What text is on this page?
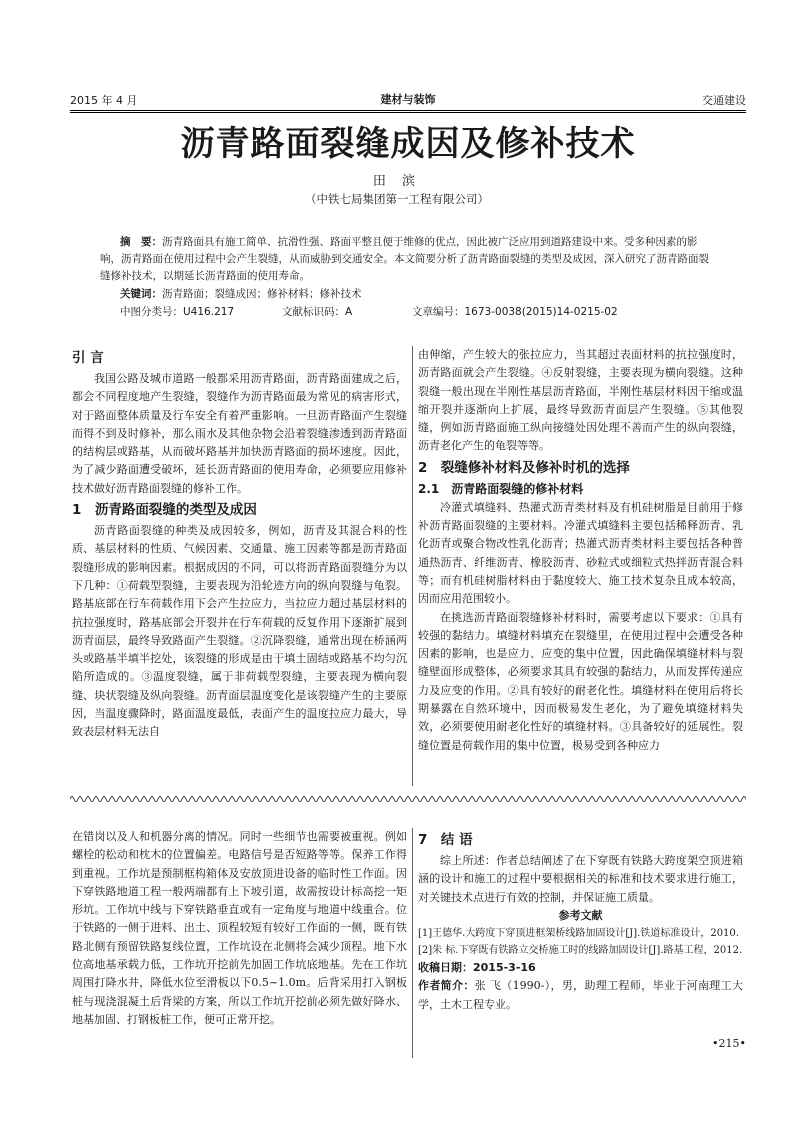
2015 年 4 月	建材与装饰	交通建设
沥青路面裂缝成因及修补技术
田 滨
（中铁七局集团第一工程有限公司）
摘　要：沥青路面具有施工简单、抗滑性强、路面平整且便于维修的优点，因此被广泛应用到道路建设中来。受多种因素的影响，沥青路面在使用过程中会产生裂缝，从而威胁到交通安全。本文简要分析了沥青路面裂缝的类型及成因，深入研究了沥青路面裂缝修补技术，以期延长沥青路面的使用寿命。
关键词：沥青路面；裂缝成因；修补材料；修补技术
中图分类号：U416.217	文献标识码：A	文章编号：1673-0038(2015)14-0215-02
引 言

我国公路及城市道路一般都采用沥青路面，沥青路面建成之后，都会不同程度地产生裂缝，裂缝作为沥青路面最为常见的病害形式，对于路面整体质量及行车安全有着严重影响。一旦沥青路面产生裂缝而得不到及时修补，那么雨水及其他杂物会沿着裂缝渗透到沥青路面的结构层或路基，从而破坏路基并加快沥青路面的损坏速度。因此，为了减少路面遭受破坏，延长沥青路面的使用寿命，必须要应用修补技术做好沥青路面裂缝的修补工作。

1　沥青路面裂缝的类型及成因

沥青路面裂缝的种类及成因较多，例如，沥青及其混合料的性质、基层材料的性质、气候因素、交通量、施工因素等都是沥青路面裂缝形成的影响因素。根据成因的不同，可以将沥青路面裂缝分为以下几种：①荷载型裂缝，主要表现为沿轮迹方向的纵向裂缝与龟裂。路基底部在行车荷载作用下会产生拉应力，当拉应力超过基层材料的抗拉强度时，路基底部会开裂并在行车荷载的反复作用下逐渐扩展到沥青面层，最终导致路面产生裂缝。②沉降裂缝，通常出现在桥涵两头或路基半填半挖处，该裂缝的形成是由于填土固结或路基不均匀沉陷所造成的。③温度裂缝，属于非荷载型裂缝，主要表现为横向裂缝、块状裂缝及纵向裂缝。沥青面层温度变化是该裂缝产生的主要原因，当温度骤降时，路面温度最低，表面产生的温度拉应力最大，导致表层材料无法自

由伸缩，产生较大的张拉应力，当其超过表面材料的抗拉强度时，沥青路面就会产生裂缝。④反射裂缝，主要表现为横向裂缝。这种裂缝一般出现在半刚性基层沥青路面，半刚性基层材料因干缩或温缩开裂并逐渐向上扩展，最终导致沥青面层产生裂缝。⑤其他裂缝，例如沥青路面施工纵向接缝处因处理不善而产生的纵向裂缝，沥青老化产生的龟裂等等。

2　裂缝修补材料及修补时机的选择
2.1　沥青路面裂缝的修补材料

冷灌式填缝料、热灌式沥青类材料及有机硅树脂是目前用于修补沥青路面裂缝的主要材料。冷灌式填缝料主要包括稀释沥青、乳化沥青或聚合物改性乳化沥青；热灌式沥青类材料主要包括各种普通热沥青、纤维沥青、橡胶沥青、砂粒式或细粒式热拌沥青混合料等；而有机硅树脂材料由于黏度较大、施工技术复杂且成本较高，因而应用范围较小。

在挑选沥青路面裂缝修补材料时，需要考虑以下要求：①具有较强的黏结力。填缝材料填充在裂缝里，在使用过程中会遭受各种因素的影响，也是应力、应变的集中位置，因此确保填缝材料与裂缝壁面形成整体，必须要求其具有较强的黏结力，从而发挥传递应力及应变的作用。②具有较好的耐老化性。填缝材料在使用后将长期暴露在自然环境中，因而极易发生老化，为了避免填缝材料失效，必须要使用耐老化性好的填缝材料。③具备较好的延展性。裂缝位置是荷载作用的集中位置，极易受到各种应力

在错岗以及人和机器分离的情况。同时一些细节也需要被重视。例如螺栓的松动和枕木的位置偏差。电路信号是否短路等等。保养工作得到重视。工作坑是预制框构箱体及安放顶进设备的临时性工作面。因下穿铁路地道工程一般两端都有上下坡引道，故需按设计标高挖一矩形坑。工作坑中线与下穿铁路垂直或有一定角度与地道中线重合。位于铁路的一侧于进料、出土、顶程较短有较好工作面的一侧，既有铁路北侧有预留铁路复线位置，工作坑设在北侧将会减少顶程。地下水位高地基承载力低，工作坑开挖前先加固工作坑底地基。先在工作坑周围打降水井，降低水位至滑板以下0.5~1.0m。后背采用打入钢板桩与现浇混凝土后背梁的方案，所以工作坑开挖前必须先做好降水、地基加固、打钢板桩工作，便可正常开挖。

7　结 语

综上所述：作者总结阐述了在下穿既有铁路大跨度架空顶进箱涵的设计和施工的过程中要根据相关的标准和技术要求进行施工，对关键技术点进行有效的控制，并保证施工质量。

参考文献

[1]王德华.大跨度下穿顶进框架桥线路加固设计[J].铁道标准设计，2010.

[2]朱 标.下穿既有铁路立交桥施工时的线路加固设计[J].路基工程，2012.

收稿日期：2015-3-16

作者简介：张 飞（1990-），男，助理工程师，毕业于河南理工大学，土木工程专业。

•215•
